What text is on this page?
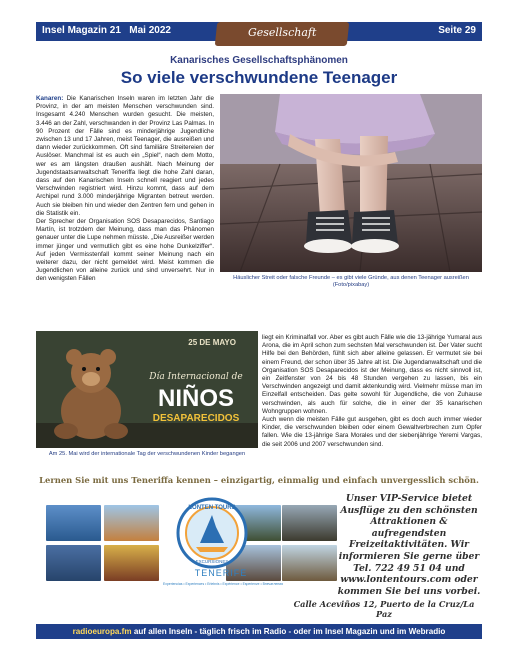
Insel Magazin 21 Mai 2022	Seite 29
Gesellschaft
Kanarisches Gesellschaftsphänomen
So viele verschwundene Teenager

Kanaren: Die Kanarischen Inseln waren im letzten Jahr die Provinz, in der am meisten Menschen verschwunden sind. Insgesamt 4.240 Menschen wurden gesucht. Die meisten, 3.446 an der Zahl, verschwanden in der Provinz Las Palmas. In 90 Prozent der Fälle sind es minderjährige Jugendliche zwischen 13 und 17 Jahren, meist Teenager, die ausreißen und dann wieder zurückkommen. Oft sind familiäre Streitereien der Auslöser. Manchmal ist es auch ein „Spiel“, nach dem Motto, wer es am längsten draußen aushält. Nach Meinung der Jugendstaatsanwaltschaft Teneriffa liegt die hohe Zahl daran, dass auf den Kanarischen Inseln schnell reagiert und jedes Verschwinden registriert wird. Hinzu kommt, dass auf dem Archipel rund 3.000 minderjährige Migranten betreut werden. Auch sie bleiben hin und wieder den Zentren fern und gehen in die Statistik ein.

Der Sprecher der Organisation SOS Desaparecidos, Santiago Martín, ist trotzdem der Meinung, dass man das Phänomen genauer unter die Lupe nehmen müsste. „Die Ausreißer werden immer jünger und vermutlich gibt es eine hohe Dunkelziffer“. Auf jeden Vermisstenfall kommt seiner Meinung nach ein weiterer dazu, der nicht gemeldet wird. Meist kommen die Jugendlichen von alleine zurück und sind unversehrt. Nur in den wenigsten Fällen	Häuslicher Streit oder falsche Freunde – es gibt viele Gründe, aus denen Teenager ausreißen (Foto/pixabay)
25 DE MAYO
Día Internacional de
NIÑOS
DESAPARECIDOS
Am 25. Mai wird der internationale Tag der verschwundenen Kinder begangen

liegt ein Kriminalfall vor. Aber es gibt auch Fälle wie die 13-jährige Yumaral aus Arona, die im April schon zum sechsten Mal verschwunden ist. Der Vater sucht Hilfe bei den Behörden, fühlt sich aber alleine gelassen. Er vermutet sie bei einem Freund, der schon über 35 Jahre alt ist. Die Jugendanwaltschaft und die Organisation SOS Desaparecidos ist der Meinung, dass es nicht sinnvoll ist, ein Zeitfenster von 24 bis 48 Stunden vergehen zu lassen, bis ein Verschwinden angezeigt und damit aktenkundig wird. Vielmehr müsse man im Einzelfall entscheiden. Das gelte sowohl für Jugendliche, die von Zuhause verschwinden, als auch für solche, die in einer der 35 kanarischen Wohngruppen wohnen.

Auch wenn die meisten Fälle gut ausgehen, gibt es doch auch immer wieder Kinder, die verschwunden bleiben oder einem Gewaltverbrechen zum Opfer fallen. Wie die 13-jährige Sara Morales und der siebenjährige Yeremi Vargas, die seit 2006 und 2007 verschwunden sind.

Lernen Sie mit uns Teneriffa kennen – einzigartig, einmalig und einfach unvergesslich schön.
LONTEN TOURS
EXCURSIONES
TENERIFE
Experiencias • Experiences • Erlebnis • Expérience • Esperienze • Впечатления
Unser VIP-Service bietet Ausflüge zu den schönsten Attraktionen & aufregendsten Freizeitaktivitäten. Wir informieren Sie gerne über Tel. 722 49 51 04 und www.lontentours.com oder kommen Sie bei uns vorbei.
Calle Aceviños 12, Puerto de la Cruz/La Paz
radioeuropa.fm auf allen Inseln - täglich frisch im Radio - oder im Insel Magazin und im Webradio
